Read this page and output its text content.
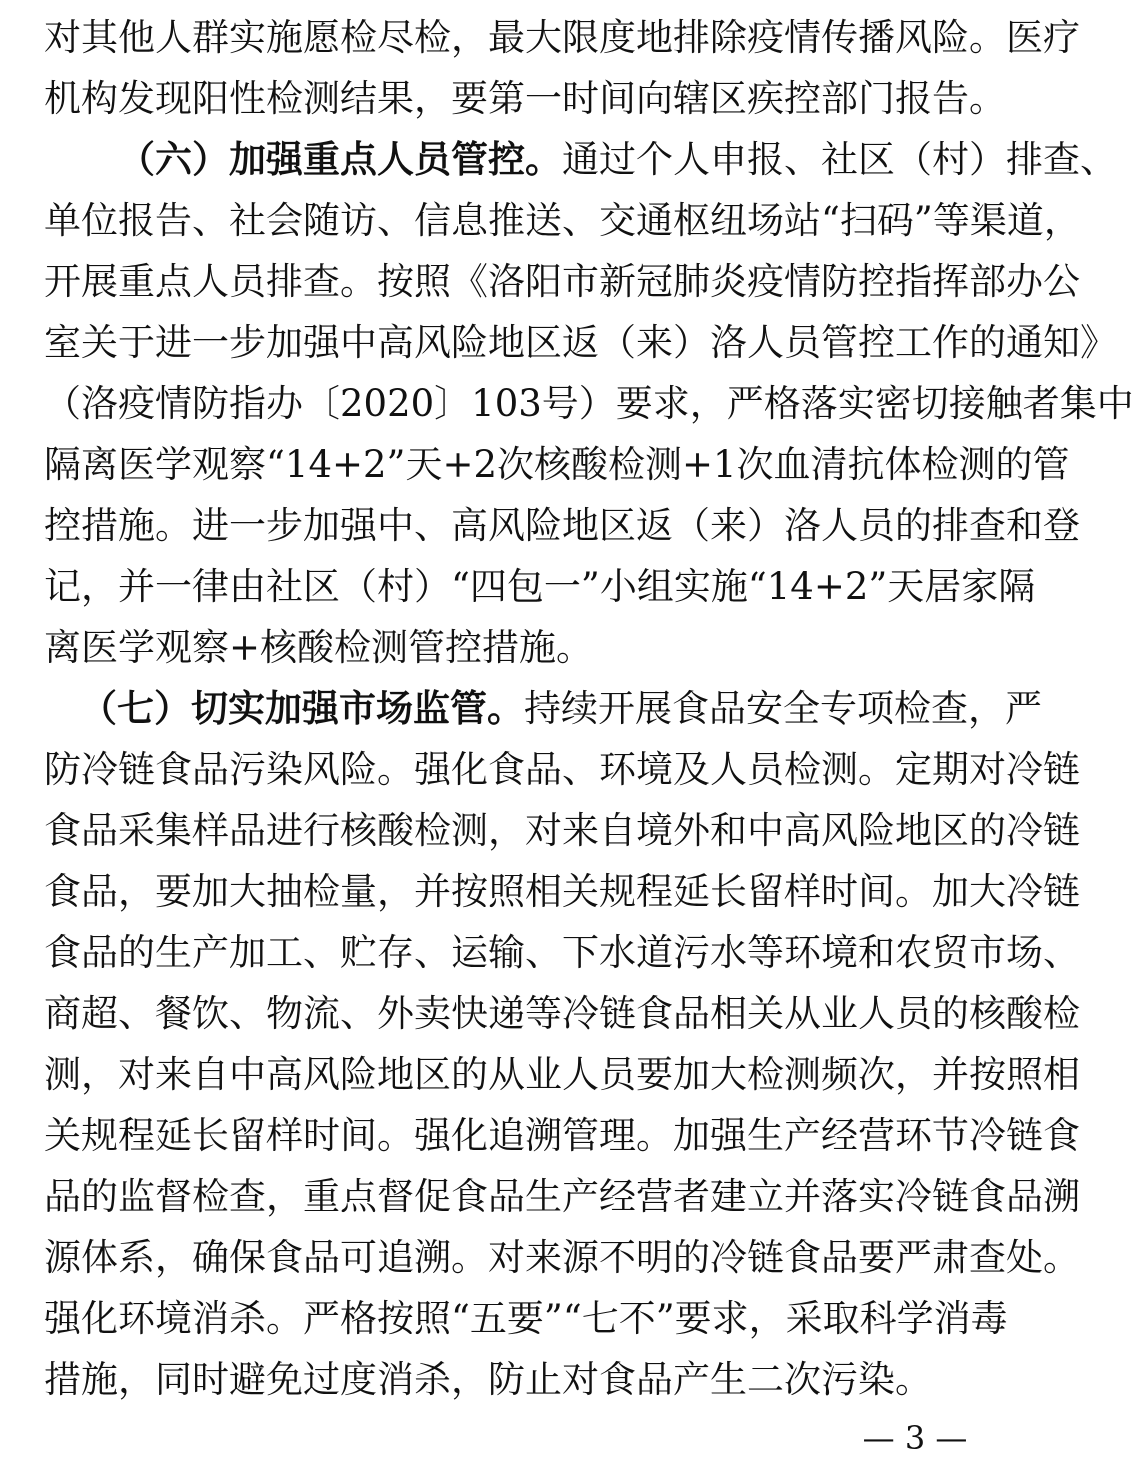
对其他人群实施愿检尽检，最大限度地排除疫情传播风险。医疗
机构发现阳性检测结果，要第一时间向辖区疾控部门报告。
（六）加强重点人员管控。通过个人申报、社区（村）排查、
单位报告、社会随访、信息推送、交通枢纽场站“扫码”等渠道，
开展重点人员排查。按照《洛阳市新冠肺炎疫情防控指挥部办公
室关于进一步加强中高风险地区返（来）洛人员管控工作的通知》
（洛疫情防指办〔2020〕103号）要求，严格落实密切接触者集中
隔离医学观察“14+2”天+2次核酸检测+1次血清抗体检测的管
控措施。进一步加强中、高风险地区返（来）洛人员的排查和登
记，并一律由社区（村）“四包一”小组实施“14+2”天居家隔
离医学观察+核酸检测管控措施。
（七）切实加强市场监管。持续开展食品安全专项检查，严
防冷链食品污染风险。强化食品、环境及人员检测。定期对冷链
食品采集样品进行核酸检测，对来自境外和中高风险地区的冷链
食品，要加大抽检量，并按照相关规程延长留样时间。加大冷链
食品的生产加工、贮存、运输、下水道污水等环境和农贸市场、
商超、餐饮、物流、外卖快递等冷链食品相关从业人员的核酸检
测，对来自中高风险地区的从业人员要加大检测频次，并按照相
关规程延长留样时间。强化追溯管理。加强生产经营环节冷链食
品的监督检查，重点督促食品生产经营者建立并落实冷链食品溯
源体系，确保食品可追溯。对来源不明的冷链食品要严肃查处。
强化环境消杀。严格按照“五要”“七不”要求，采取科学消毒
措施，同时避免过度消杀，防止对食品产生二次污染。
— 3 —
